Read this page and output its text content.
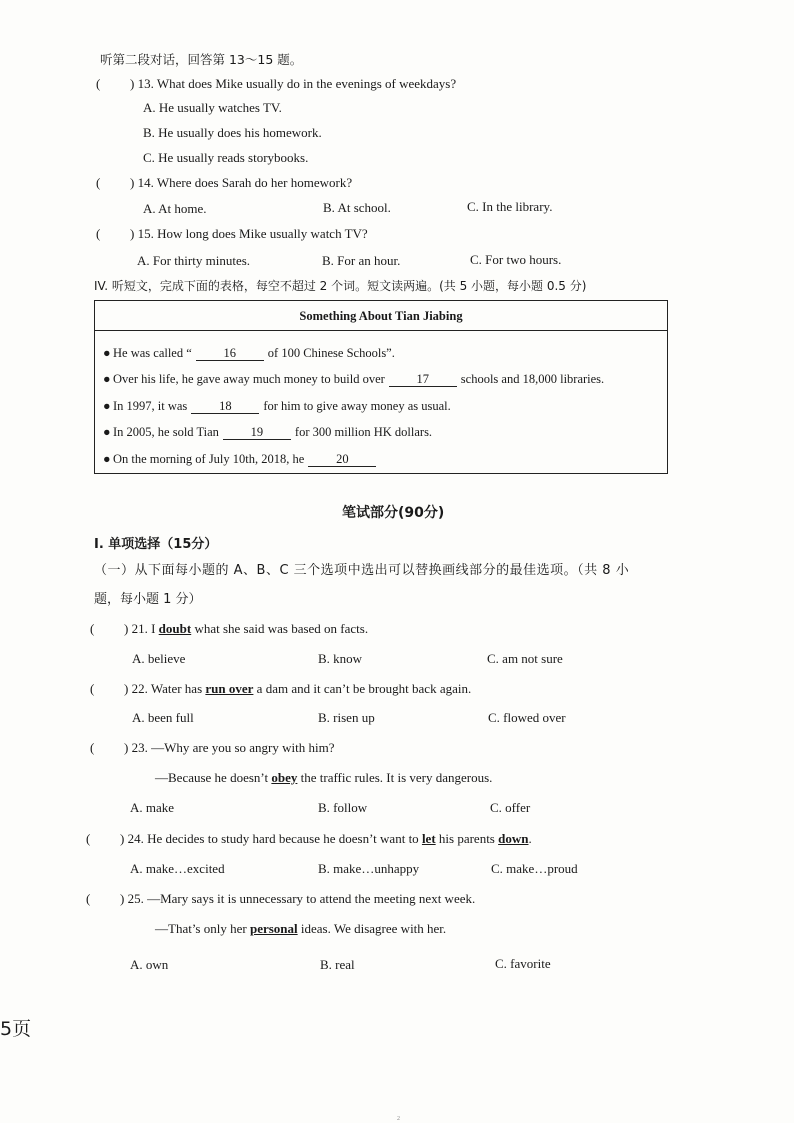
听第二段对话，回答第 13～15 题。
( ) 13. What does Mike usually do in the evenings of weekdays?
A. He usually watches TV.
B. He usually does his homework.
C. He usually reads storybooks.
( ) 14. Where does Sarah do her homework?
A. At home.	B. At school.	C. In the library.
( ) 15. How long does Mike usually watch TV?
A. For thirty minutes.	B. For an hour.	C. For two hours.
IV. 听短文，完成下面的表格，每空不超过 2 个词。短文读两遍。(共 5 小题，每小题 0.5 分)
Something About Tian Jiabing
● He was called “	16	of 100 Chinese Schools”.
● Over his life, he gave away much money to build over	17	schools and 18,000 libraries.
● In 1997, it was	18	for him to give away money as usual.
● In 2005, he sold Tian	19	for 300 million HK dollars.
● On the morning of July 10th, 2018, he	20
笔试部分(90分)
I. 单项选择（15分）
（一）从下面每小题的 A、B、C 三个选项中选出可以替换画线部分的最佳选项。（共 8 小
题，每小题 1 分）
( ) 21. I doubt what she said was based on facts.
A. believe	B. know	C. am not sure
( ) 22. Water has run over a dam and it can’t be brought back again.
A. been full	B. risen up	C. flowed over
( ) 23. —Why are you so angry with him?
—Because he doesn’t obey the traffic rules. It is very dangerous.
A. make	B. follow	C. offer
( ) 24. He decides to study hard because he doesn’t want to let his parents down.
A. make…excited	B. make…unhappy	C. make…proud
( ) 25. —Mary says it is unnecessary to attend the meeting next week.
—That’s only her personal ideas. We disagree with her.
A. own	B. real	C. favorite
5页
2
